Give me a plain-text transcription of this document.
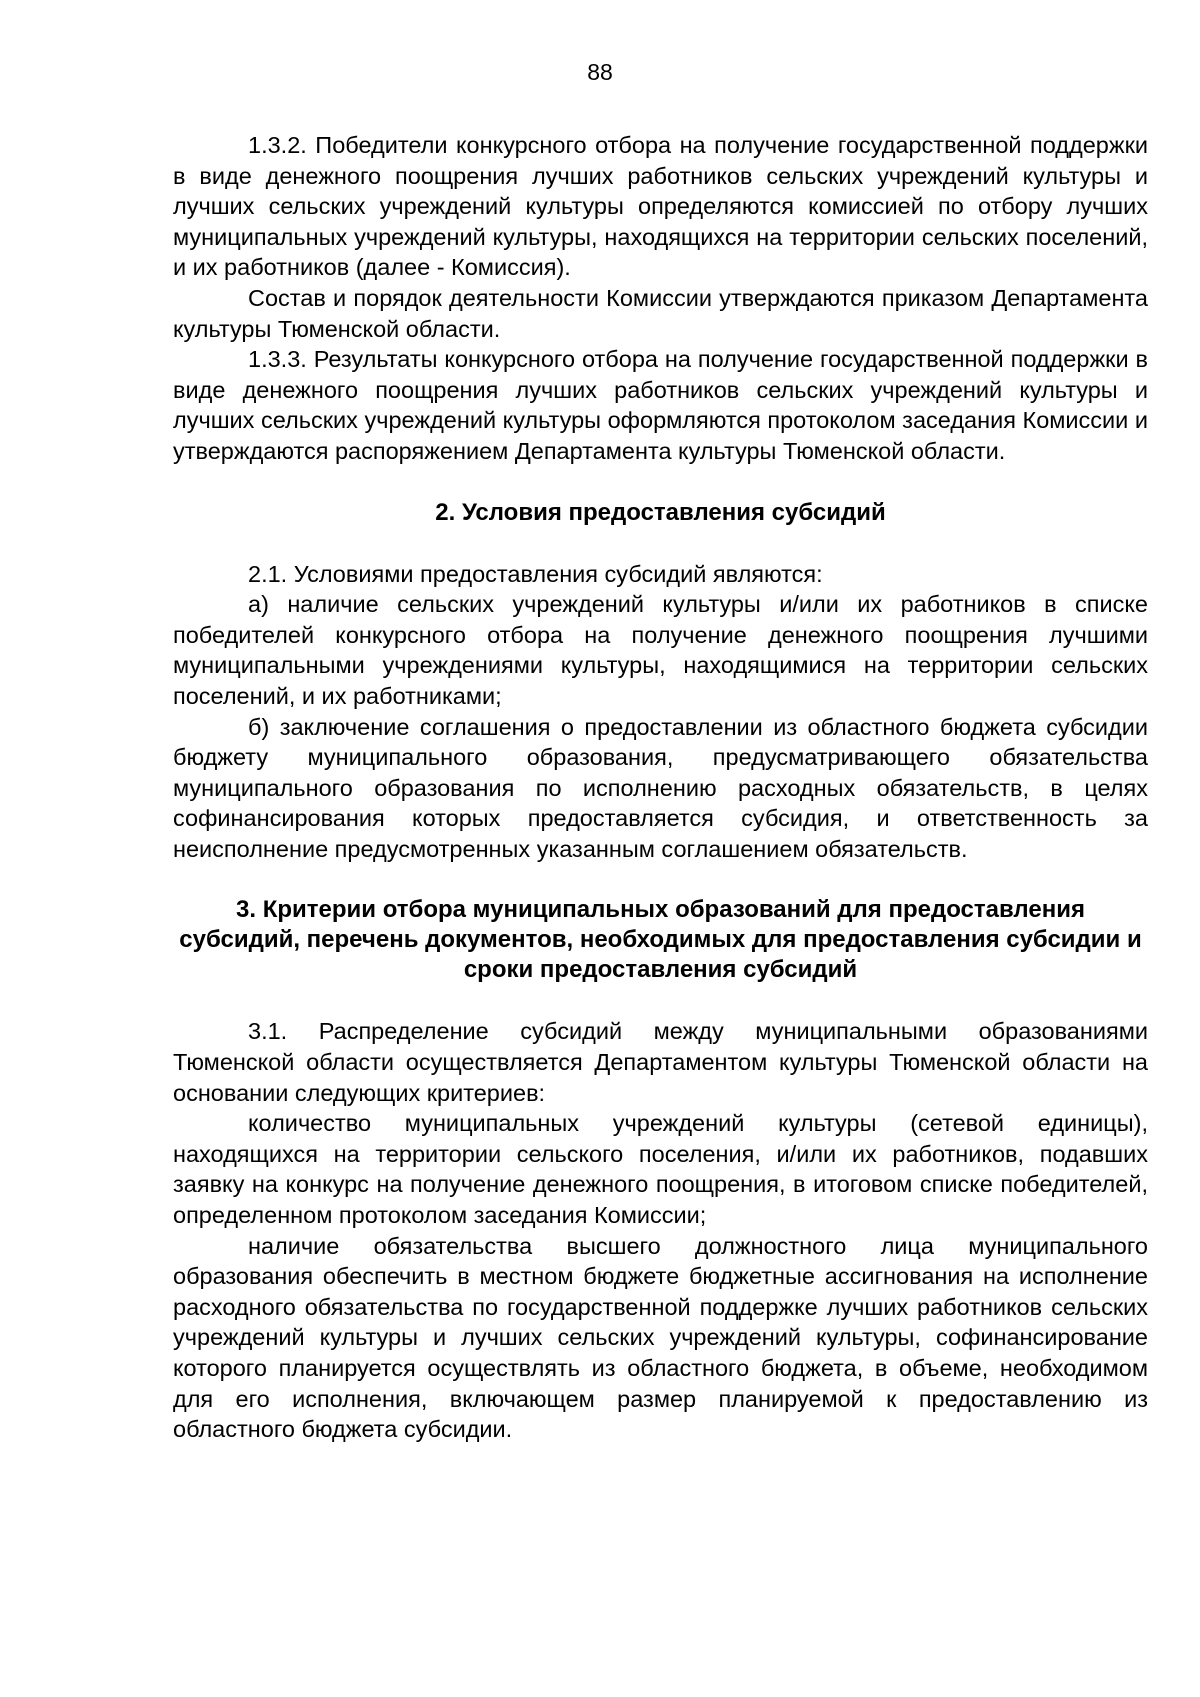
88

1.3.2. Победители конкурсного отбора на получение государственной поддержки в виде денежного поощрения лучших работников сельских учреждений культуры и лучших сельских учреждений культуры определяются комиссией по отбору лучших муниципальных учреждений культуры, находящихся на территории сельских поселений, и их работников (далее - Комиссия).

Состав и порядок деятельности Комиссии утверждаются приказом Департамента культуры Тюменской области.

1.3.3. Результаты конкурсного отбора на получение государственной поддержки в виде денежного поощрения лучших работников сельских учреждений культуры и лучших сельских учреждений культуры оформляются протоколом заседания Комиссии и утверждаются распоряжением Департамента культуры Тюменской области.

2. Условия предоставления субсидий

2.1. Условиями предоставления субсидий являются:

а) наличие сельских учреждений культуры и/или их работников в списке победителей конкурсного отбора на получение денежного поощрения лучшими муниципальными учреждениями культуры, находящимися на территории сельских поселений, и их работниками;

б) заключение соглашения о предоставлении из областного бюджета субсидии бюджету муниципального образования, предусматривающего обязательства муниципального образования по исполнению расходных обязательств, в целях софинансирования которых предоставляется субсидия, и ответственность за неисполнение предусмотренных указанным соглашением обязательств.

3. Критерии отбора муниципальных образований для предоставления субсидий, перечень документов, необходимых для предоставления субсидии и сроки предоставления субсидий

3.1. Распределение субсидий между муниципальными образованиями Тюменской области осуществляется Департаментом культуры Тюменской области на основании следующих критериев:

количество муниципальных учреждений культуры (сетевой единицы), находящихся на территории сельского поселения, и/или их работников, подавших заявку на конкурс на получение денежного поощрения, в итоговом списке победителей, определенном протоколом заседания Комиссии;

наличие обязательства высшего должностного лица муниципального образования обеспечить в местном бюджете бюджетные ассигнования на исполнение расходного обязательства по государственной поддержке лучших работников сельских учреждений культуры и лучших сельских учреждений культуры, софинансирование которого планируется осуществлять из областного бюджета, в объеме, необходимом для его исполнения, включающем размер планируемой к предоставлению из областного бюджета субсидии.
